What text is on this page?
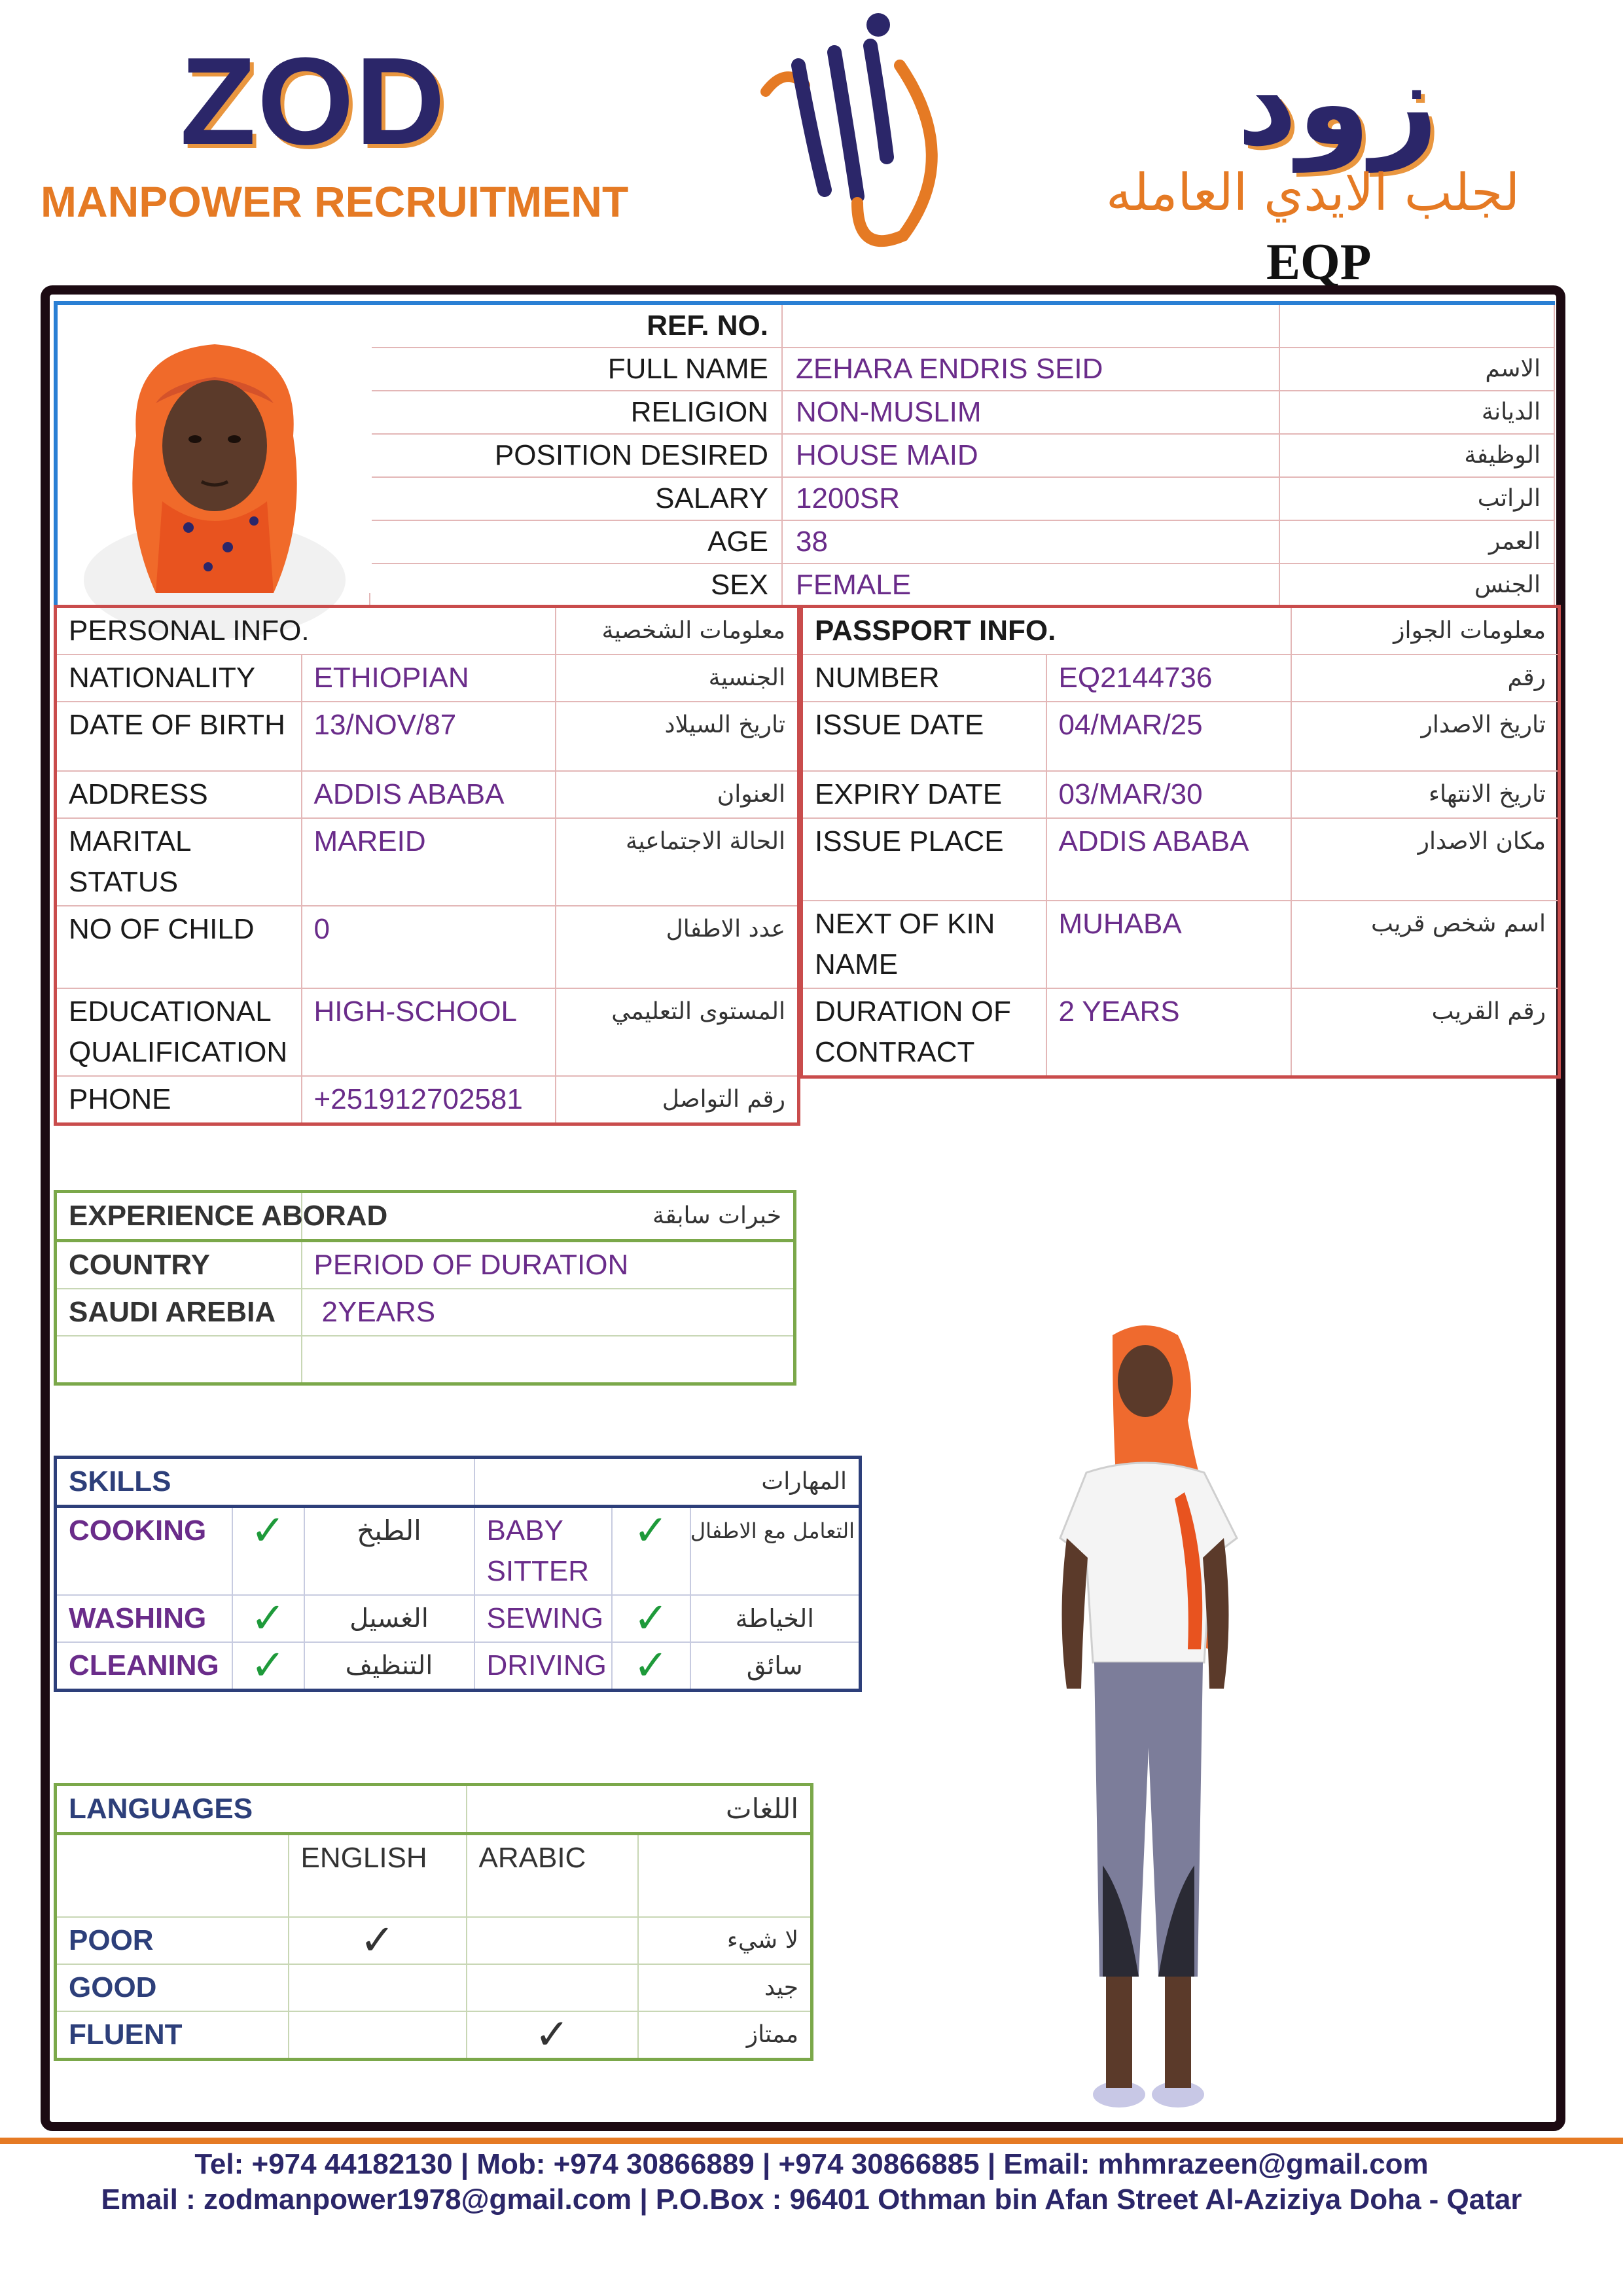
ZOD
MANPOWER RECRUITMENT
زود
لجلب الايدي العامله
EQP
	REF. NO.		
	FULL NAME	ZEHARA ENDRIS SEID	الاسم
	RELIGION	NON-MUSLIM	الديانة
	POSITION DESIRED	HOUSE MAID	الوظيفة
	SALARY	1200SR	الراتب
	AGE	38	العمر
	SEX	FEMALE	الجنس
PERSONAL INFO.		معلومات الشخصية
NATIONALITY	ETHIOPIAN	الجنسية
DATE OF BIRTH	13/NOV/87	تاريخ السيلاد
ADDRESS	ADDIS ABABA	العنوان
MARITAL STATUS	MAREID	الحالة الاجتماعية
NO OF CHILD	0	عدد الاطفال
EDUCATIONAL QUALIFICATION	HIGH-SCHOOL	المستوى التعليمي
PHONE	+251912702581	رقم التواصل
PASSPORT INFO.		معلومات الجواز
NUMBER	EQ2144736	رقم
ISSUE DATE	04/MAR/25	تاريخ الاصدار
EXPIRY DATE	03/MAR/30	تاريخ الانتهاء
ISSUE PLACE	ADDIS ABABA	مكان الاصدار
NEXT OF KIN NAME	MUHABA	اسم شخص قريب
DURATION OF CONTRACT	2 YEARS	رقم القريب
EXPERIENCE ABORAD	خبرات سابقة
COUNTRY	PERIOD OF DURATION
SAUDI AREBIA	2YEARS

SKILLS			المهارات		
COOKING	✓	الطبخ	BABY SITTER	✓	التعامل مع الاطفال
WASHING	✓	الغسيل	SEWING	✓	الخياطة
CLEANING	✓	التنظيف	DRIVING	✓	سائق
LANGUAGES		اللغات	
	ENGLISH	ARABIC	
POOR	✓		لا شيء
GOOD			جيد
FLUENT		✓	ممتاز
Tel: +974 44182130 | Mob: +974 30866889 | +974 30866885 | Email: mhmrazeen@gmail.com
Email : zodmanpower1978@gmail.com | P.O.Box : 96401 Othman bin Afan Street Al-Aziziya Doha - Qatar
